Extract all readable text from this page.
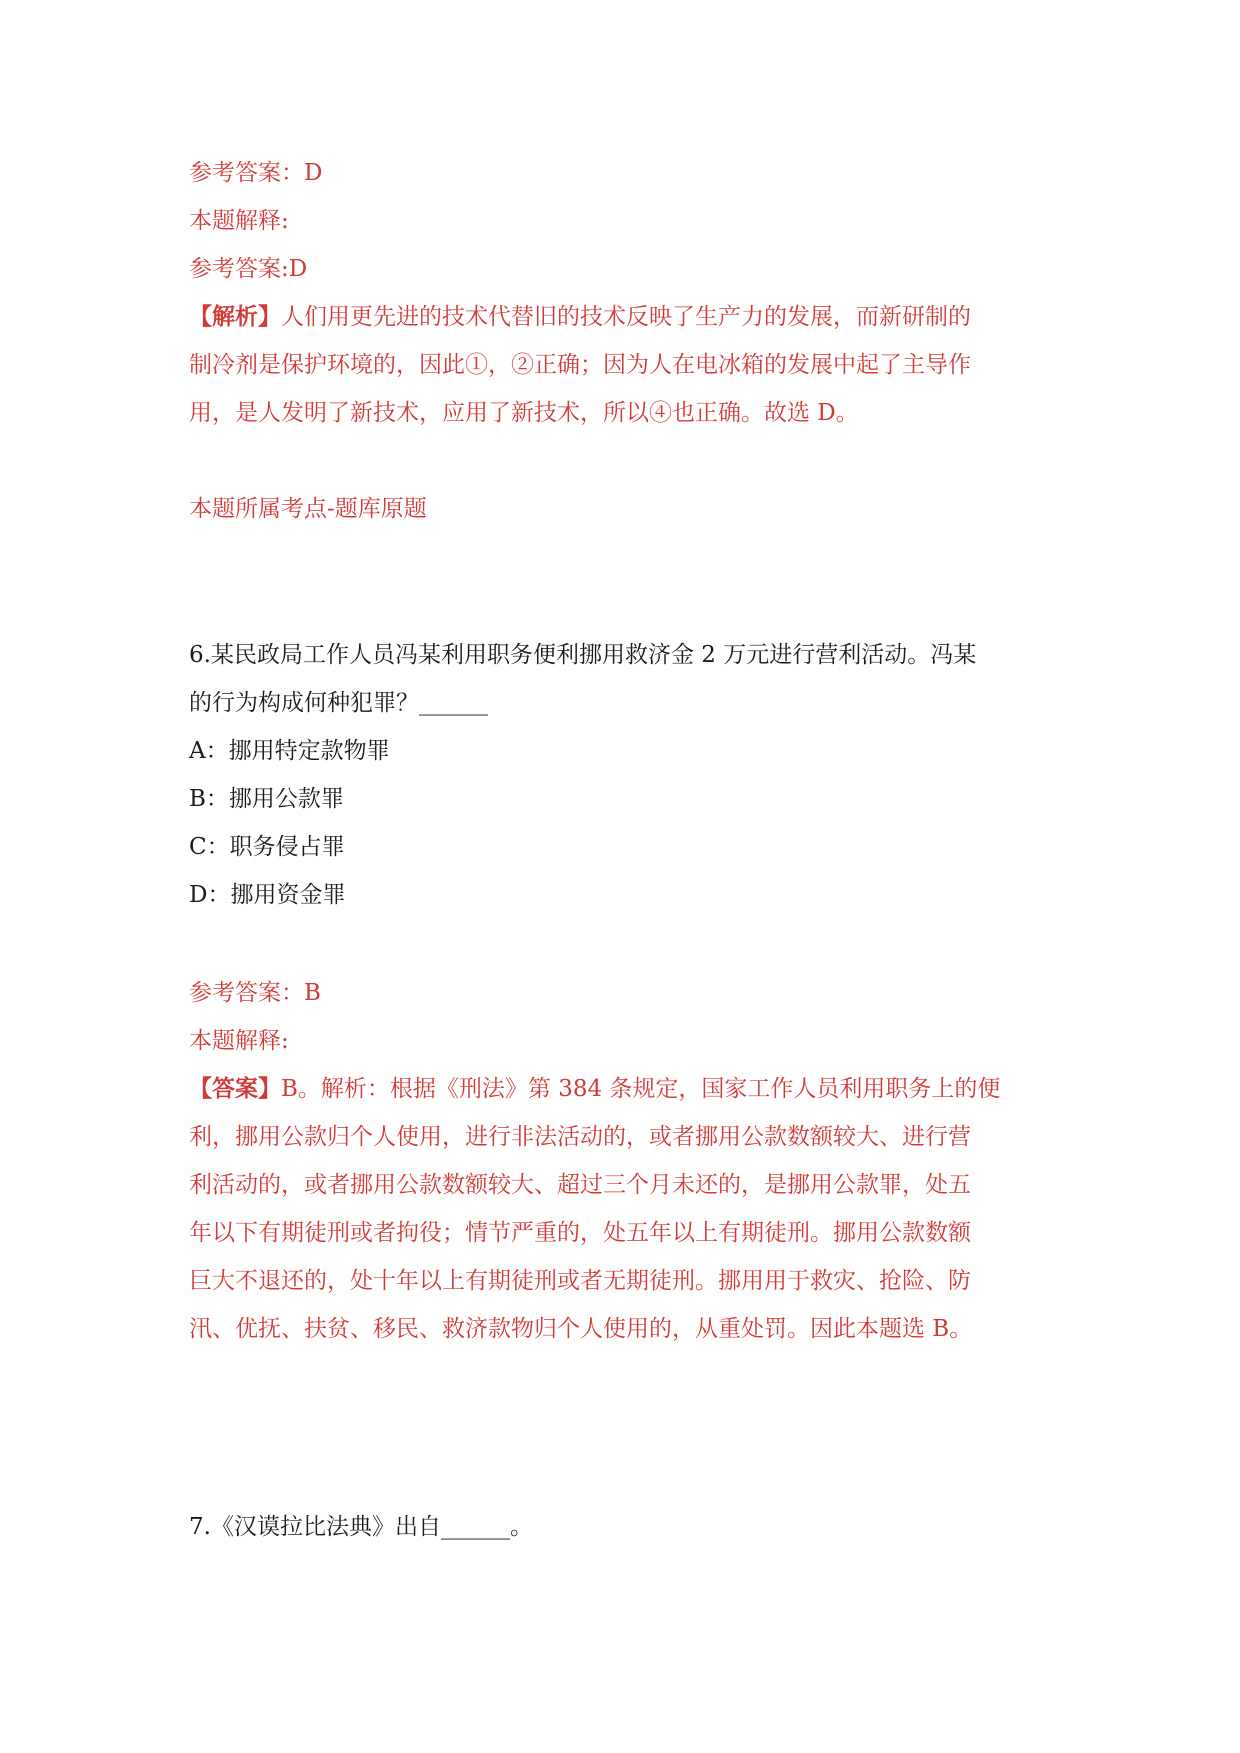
参考答案：D
本题解释:
参考答案:D
【解析】人们用更先进的技术代替旧的技术反映了生产力的发展，而新研制的
制冷剂是保护环境的，因此①，②正确；因为人在电冰箱的发展中起了主导作
用，是人发明了新技术，应用了新技术，所以④也正确。故选 D。
本题所属考点-题库原题
6.某民政局工作人员冯某利用职务便利挪用救济金 2 万元进行营利活动。冯某
的行为构成何种犯罪？______
A：挪用特定款物罪
B：挪用公款罪
C：职务侵占罪
D：挪用资金罪
参考答案：B
本题解释:
【答案】B。解析：根据《刑法》第 384 条规定，国家工作人员利用职务上的便
利，挪用公款归个人使用，进行非法活动的，或者挪用公款数额较大、进行营
利活动的，或者挪用公款数额较大、超过三个月未还的，是挪用公款罪，处五
年以下有期徒刑或者拘役；情节严重的，处五年以上有期徒刑。挪用公款数额
巨大不退还的，处十年以上有期徒刑或者无期徒刑。挪用用于救灾、抢险、防
汛、优抚、扶贫、移民、救济款物归个人使用的，从重处罚。因此本题选 B。
7.《汉谟拉比法典》出自______。
